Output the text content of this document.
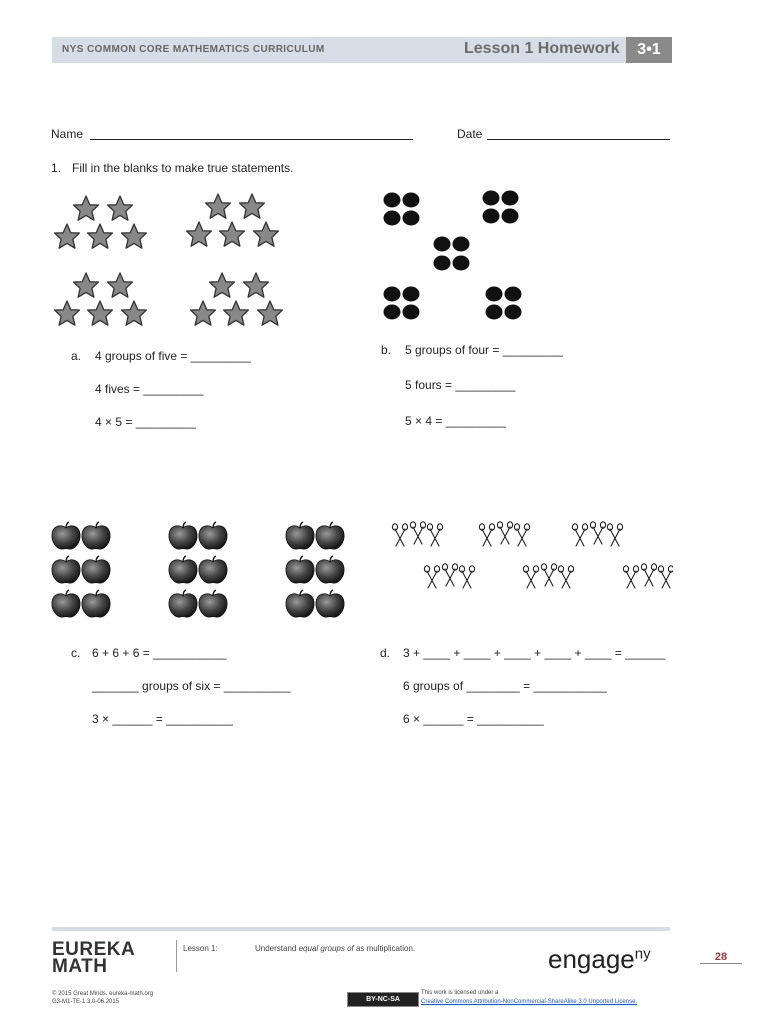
NYS COMMON CORE MATHEMATICS CURRICULUM	Lesson 1 Homework	3•1
Name	Date
1. Fill in the blanks to make true statements.
a. 4 groups of five = _________
4 fives = _________
4 × 5 = _________
b. 5 groups of four = _________
5 fours = _________
5 × 4 = _________
c. 6 + 6 + 6 = ___________
_______ groups of six = __________
3 × ______ = __________
d. 3 + ____ + ____ + ____ + ____ + ____ = ______
6 groups of ________ = ___________
6 × ______ = __________
EUREKA
MATH
Lesson 1:	Understand equal groups of as multiplication.	engage$^{ny}$	28
© 2015 Great Minds. eureka-math.org
G3-M1-TE-1.3.0-06.2015	BY-NC-SA
This work is licensed under a
Creative Commons Attribution-NonCommercial-ShareAlike 3.0 Unported License.
